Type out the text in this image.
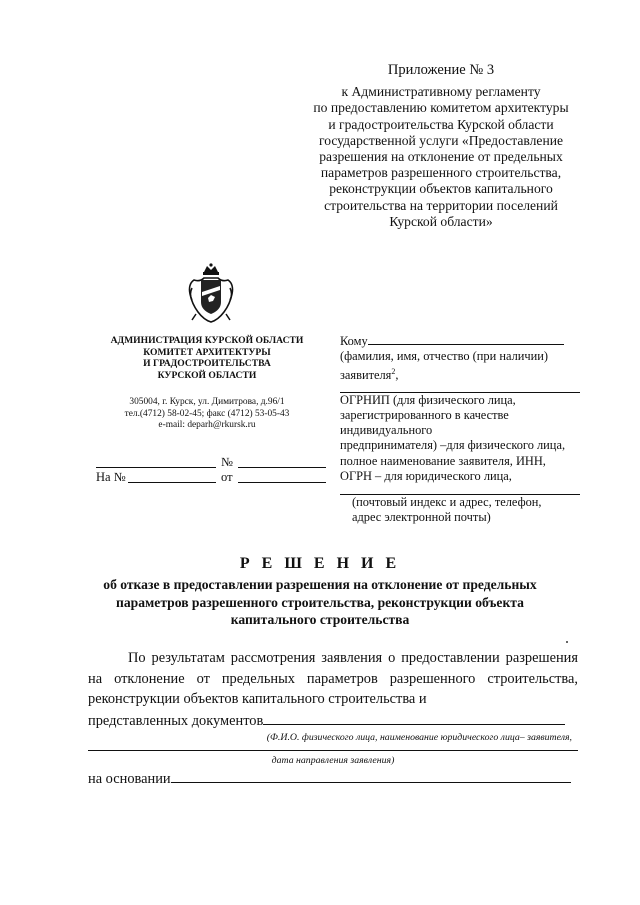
Приложение № 3
к Административному регламенту
по предоставлению комитетом архитектуры
и градостроительства Курской области
государственной услуги «Предоставление
разрешения на отклонение от предельных
параметров разрешенного строительства,
реконструкции объектов капитального
строительства на территории поселений
Курской области»
АДМИНИСТРАЦИЯ КУРСКОЙ ОБЛАСТИ
КОМИТЕТ АРХИТЕКТУРЫ
И ГРАДОСТРОИТЕЛЬСТВА
КУРСКОЙ ОБЛАСТИ
305004, г. Курск, ул. Димитрова, д.96/1
тел.(4712) 58-02-45; факс (4712) 53-05-43
e-mail: deparh@rkursk.ru
№
На №	от

Кому

(фамилия, имя, отчество (при наличии)

заявителя$^2$,

ОГРНИП (для физического лица,

зарегистрированного в качестве

индивидуального

предпринимателя) –для физического лица,

полное наименование заявителя, ИНН,

ОГРН – для юридического лица,

(почтовый индекс и адрес, телефон,

адрес электронной почты)

Р Е Ш Е Н И Е
об отказе в предоставлении разрешения на отклонение от предельных
параметров разрешенного строительства, реконструкции объекта
капитального строительства
По результатам рассмотрения заявления о предоставлении разрешения на отклонение от предельных параметров разрешенного строительства, реконструкции объектов капитального строительства и
представленных документов
(Ф.И.О. физического лица, наименование юридического лица– заявителя,
дата направления заявления)
на основании
